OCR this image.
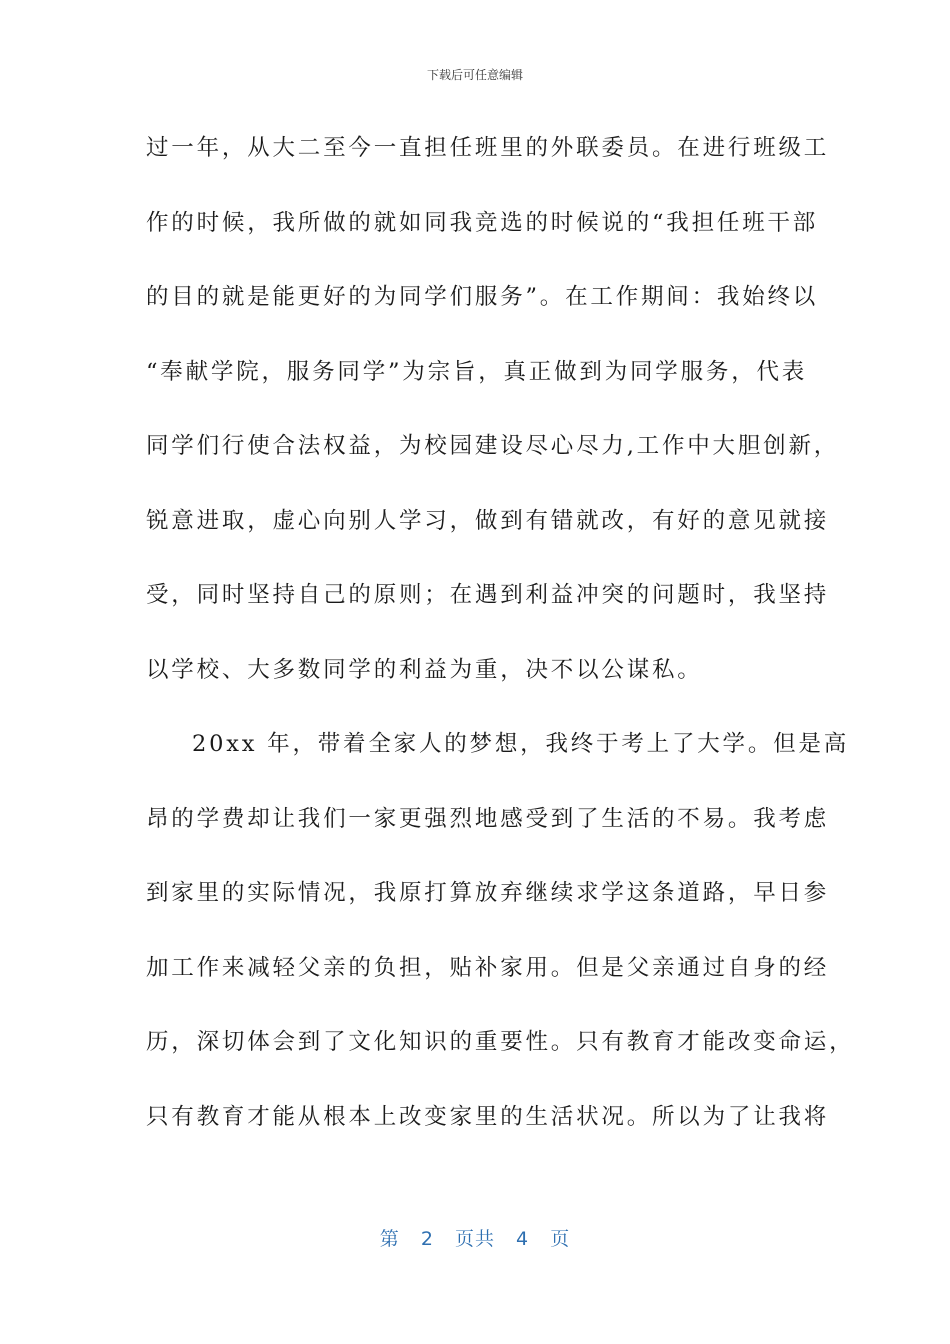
下载后可任意编辑
过一年，从大二至今一直担任班里的外联委员。在进行班级工
作的时候，我所做的就如同我竞选的时候说的“我担任班干部
的目的就是能更好的为同学们服务”。在工作期间：我始终以
“奉献学院，服务同学”为宗旨，真正做到为同学服务，代表
同学们行使合法权益，为校园建设尽心尽力,工作中大胆创新，
锐意进取，虚心向别人学习，做到有错就改，有好的意见就接
受，同时坚持自己的原则；在遇到利益冲突的问题时，我坚持
以学校、大多数同学的利益为重，决不以公谋私。
20xx 年，带着全家人的梦想，我终于考上了大学。但是高
昂的学费却让我们一家更强烈地感受到了生活的不易。我考虑
到家里的实际情况，我原打算放弃继续求学这条道路，早日参
加工作来减轻父亲的负担，贴补家用。但是父亲通过自身的经
历，深切体会到了文化知识的重要性。只有教育才能改变命运，
只有教育才能从根本上改变家里的生活状况。所以为了让我将
第 2 页共 4 页
